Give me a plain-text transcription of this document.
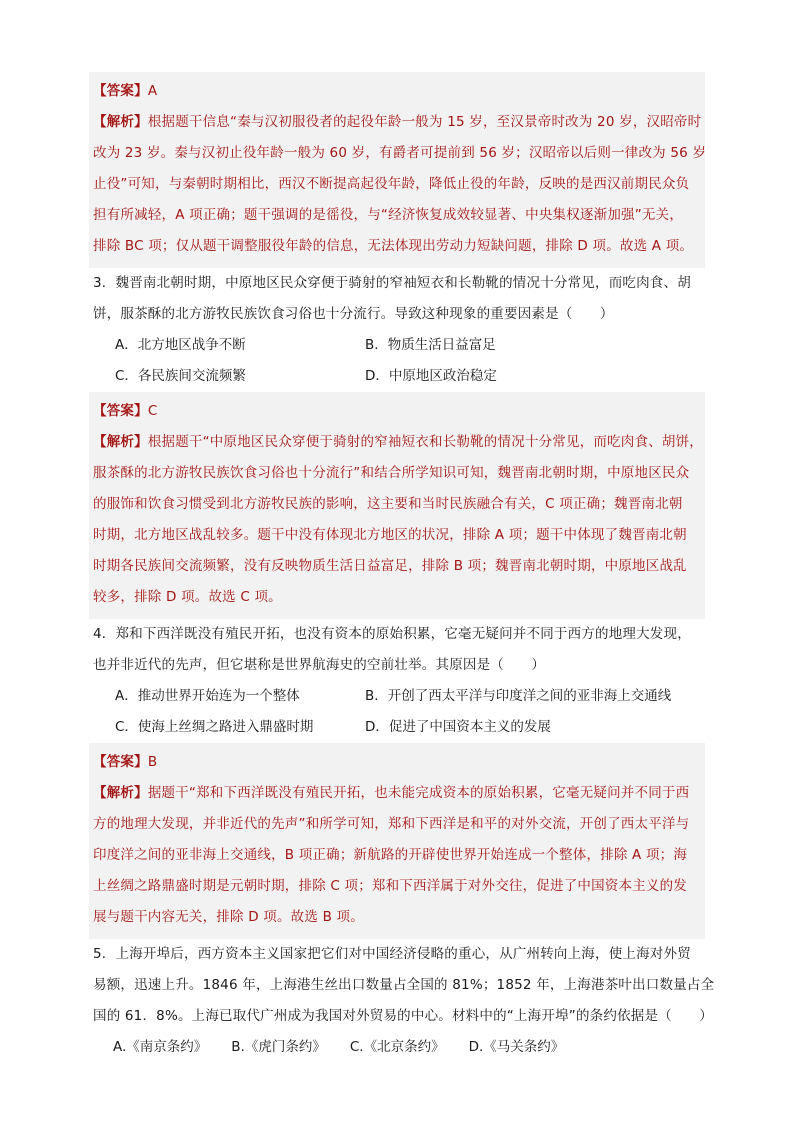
【答案】A
【解析】根据题干信息“秦与汉初服役者的起役年龄一般为 15 岁，至汉景帝时改为 20 岁，汉昭帝时
改为 23 岁。秦与汉初止役年龄一般为 60 岁，有爵者可提前到 56 岁；汉昭帝以后则一律改为 56 岁
止役”可知，与秦朝时期相比，西汉不断提高起役年龄，降低止役的年龄，反映的是西汉前期民众负
担有所减轻，A 项正确；题干强调的是徭役，与“经济恢复成效较显著、中央集权逐渐加强”无关，
排除 BC 项；仅从题干调整服役年龄的信息，无法体现出劳动力短缺问题，排除 D 项。故选 A 项。
3．魏晋南北朝时期，中原地区民众穿便于骑射的窄袖短衣和长勒靴的情况十分常见，而吃肉食、胡
饼，服茶酥的北方游牧民族饮食习俗也十分流行。导致这种现象的重要因素是（　　）
A．北方地区战争不断	B．物质生活日益富足
C．各民族间交流频繁	D．中原地区政治稳定
【答案】C
【解析】根据题干“中原地区民众穿便于骑射的窄袖短衣和长勒靴的情况十分常见，而吃肉食、胡饼，
服茶酥的北方游牧民族饮食习俗也十分流行”和结合所学知识可知，魏晋南北朝时期，中原地区民众
的服饰和饮食习惯受到北方游牧民族的影响，这主要和当时民族融合有关，C 项正确；魏晋南北朝
时期，北方地区战乱较多。题干中没有体现北方地区的状况，排除 A 项；题干中体现了魏晋南北朝
时期各民族间交流频繁，没有反映物质生活日益富足，排除 B 项；魏晋南北朝时期，中原地区战乱
较多，排除 D 项。故选 C 项。
4．郑和下西洋既没有殖民开拓，也没有资本的原始积累，它毫无疑问并不同于西方的地理大发现，
也并非近代的先声，但它堪称是世界航海史的空前壮举。其原因是（　　）
A．推动世界开始连为一个整体	B．开创了西太平洋与印度洋之间的亚非海上交通线
C．使海上丝绸之路进入鼎盛时期	D．促进了中国资本主义的发展
【答案】B
【解析】据题干“郑和下西洋既没有殖民开拓，也未能完成资本的原始积累，它毫无疑问并不同于西
方的地理大发现，并非近代的先声”和所学可知，郑和下西洋是和平的对外交流，开创了西太平洋与
印度洋之间的亚非海上交通线，B 项正确；新航路的开辟使世界开始连成一个整体，排除 A 项；海
上丝绸之路鼎盛时期是元朝时期，排除 C 项；郑和下西洋属于对外交往，促进了中国资本主义的发
展与题干内容无关，排除 D 项。故选 B 项。
5．上海开埠后，西方资本主义国家把它们对中国经济侵略的重心，从广州转向上海，使上海对外贸
易额，迅速上升。1846 年，上海港生丝出口数量占全国的 81%；1852 年，上海港茶叶出口数量占全
国的 61．8%。上海已取代广州成为我国对外贸易的中心。材料中的“上海开埠”的条约依据是（　　）
A.《南京条约》 B.《虎门条约》 C.《北京条约》 D.《马关条约》
